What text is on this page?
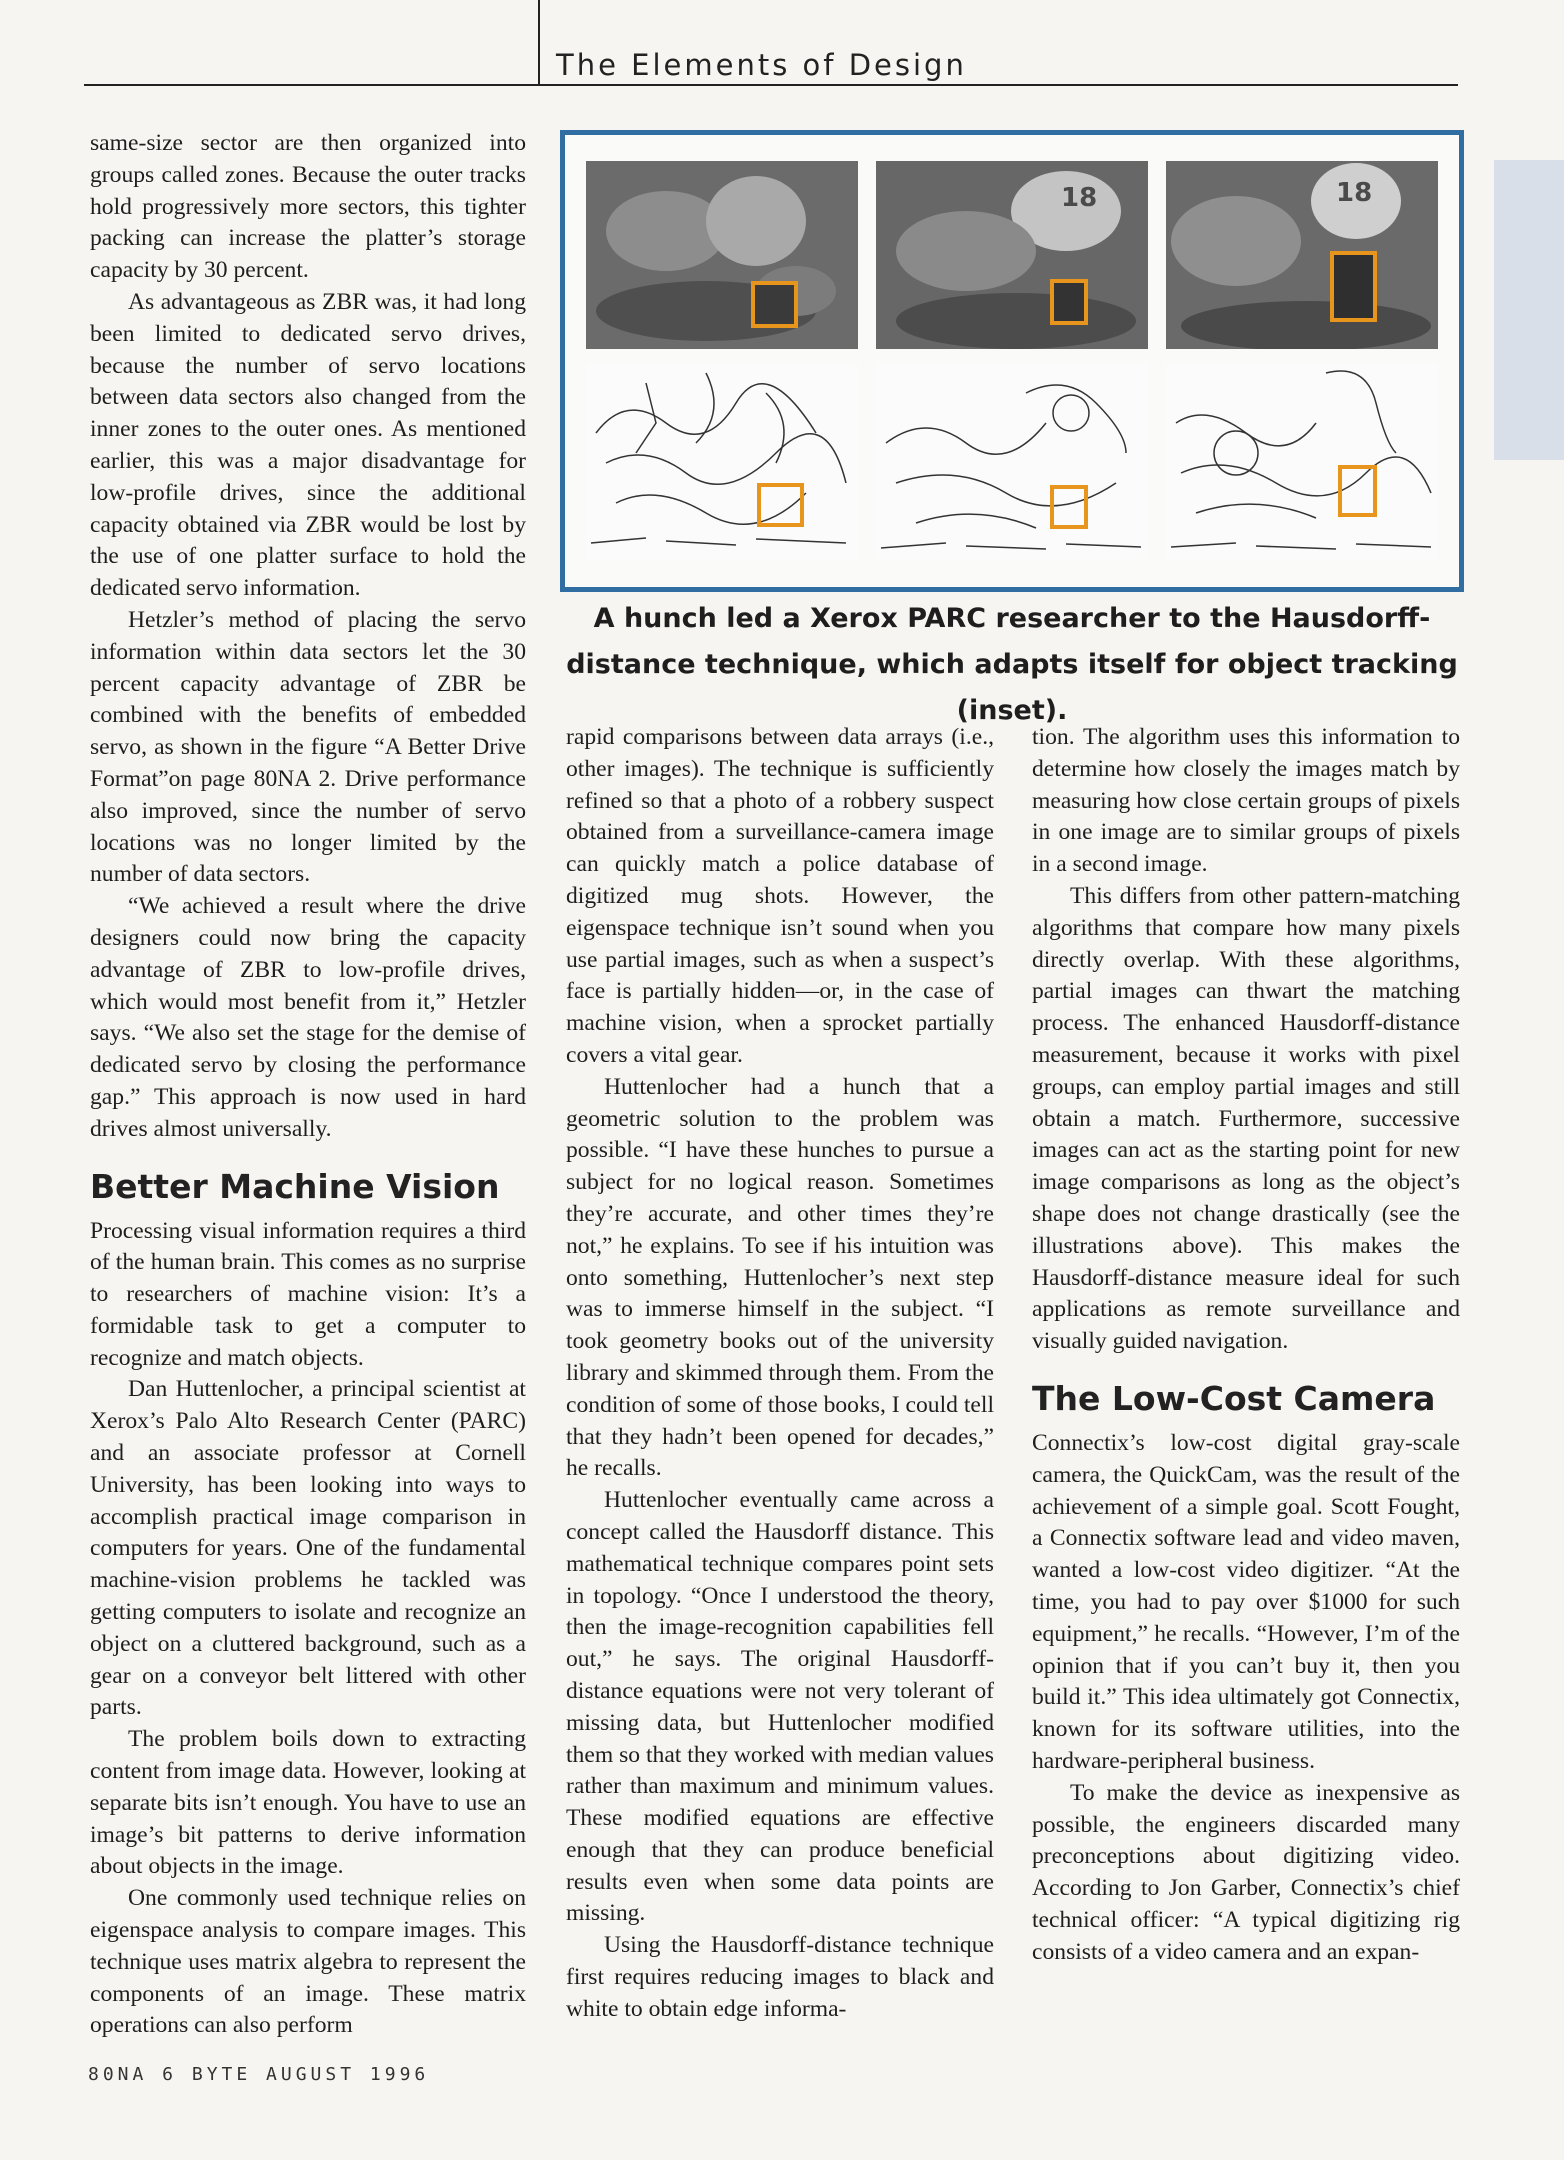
The Elements of Design

same-size sector are then organized into groups called zones. Because the outer tracks hold progressively more sectors, this tighter packing can increase the platter’s storage capacity by 30 percent.

As advantageous as ZBR was, it had long been limited to dedicated servo drives, because the number of servo locations between data sectors also changed from the inner zones to the outer ones. As mentioned earlier, this was a major disadvantage for low-profile drives, since the additional capacity obtained via ZBR would be lost by the use of one platter surface to hold the dedicated servo information.

Hetzler’s method of placing the servo information within data sectors let the 30 percent capacity advantage of ZBR be combined with the benefits of embedded servo, as shown in the figure “A Better Drive Format”on page 80NA 2. Drive performance also improved, since the number of servo locations was no longer limited by the number of data sectors.

“We achieved a result where the drive designers could now bring the capacity advantage of ZBR to low-profile drives, which would most benefit from it,” Hetzler says. “We also set the stage for the demise of dedicated servo by closing the performance gap.” This approach is now used in hard drives almost universally.

Better Machine Vision

Processing visual information requires a third of the human brain. This comes as no surprise to researchers of machine vision: It’s a formidable task to get a computer to recognize and match objects.

Dan Huttenlocher, a principal scientist at Xerox’s Palo Alto Research Center (PARC) and an associate professor at Cornell University, has been looking into ways to accomplish practical image comparison in computers for years. One of the fundamental machine-vision problems he tackled was getting computers to isolate and recognize an object on a cluttered background, such as a gear on a conveyor belt littered with other parts.

The problem boils down to extracting content from image data. However, looking at separate bits isn’t enough. You have to use an image’s bit patterns to derive information about objects in the image.

One commonly used technique relies on eigenspace analysis to compare images. This technique uses matrix algebra to represent the components of an image. These matrix operations can also perform

18	18
A hunch led a Xerox PARC researcher to the Hausdorff-distance technique, which adapts itself for object tracking (inset).

rapid comparisons between data arrays (i.e., other images). The technique is sufficiently refined so that a photo of a robbery suspect obtained from a surveillance-camera image can quickly match a police database of digitized mug shots. However, the eigenspace technique isn’t sound when you use partial images, such as when a suspect’s face is partially hidden—or, in the case of machine vision, when a sprocket partially covers a vital gear.

Huttenlocher had a hunch that a geometric solution to the problem was possible. “I have these hunches to pursue a subject for no logical reason. Sometimes they’re accurate, and other times they’re not,” he explains. To see if his intuition was onto something, Huttenlocher’s next step was to immerse himself in the subject. “I took geometry books out of the university library and skimmed through them. From the condition of some of those books, I could tell that they hadn’t been opened for decades,” he recalls.

Huttenlocher eventually came across a concept called the Hausdorff distance. This mathematical technique compares point sets in topology. “Once I understood the theory, then the image-recognition capabilities fell out,” he says. The original Hausdorff-distance equations were not very tolerant of missing data, but Huttenlocher modified them so that they worked with median values rather than maximum and minimum values. These modified equations are effective enough that they can produce beneficial results even when some data points are missing.

Using the Hausdorff-distance technique first requires reducing images to black and white to obtain edge informa-

tion. The algorithm uses this information to determine how closely the images match by measuring how close certain groups of pixels in one image are to similar groups of pixels in a second image.

This differs from other pattern-matching algorithms that compare how many pixels directly overlap. With these algorithms, partial images can thwart the matching process. The enhanced Hausdorff-distance measurement, because it works with pixel groups, can employ partial images and still obtain a match. Furthermore, successive images can act as the starting point for new image comparisons as long as the object’s shape does not change drastically (see the illustrations above). This makes the Hausdorff-distance measure ideal for such applications as remote surveillance and visually guided navigation.

The Low-Cost Camera

Connectix’s low-cost digital gray-scale camera, the QuickCam, was the result of the achievement of a simple goal. Scott Fought, a Connectix software lead and video maven, wanted a low-cost video digitizer. “At the time, you had to pay over $1000 for such equipment,” he recalls. “However, I’m of the opinion that if you can’t buy it, then you build it.” This idea ultimately got Connectix, known for its software utilities, into the hardware-peripheral business.

To make the device as inexpensive as possible, the engineers discarded many preconceptions about digitizing video. According to Jon Garber, Connectix’s chief technical officer: “A typical digitizing rig consists of a video camera and an expan-

80NA 6 BYTE AUGUST 1996
